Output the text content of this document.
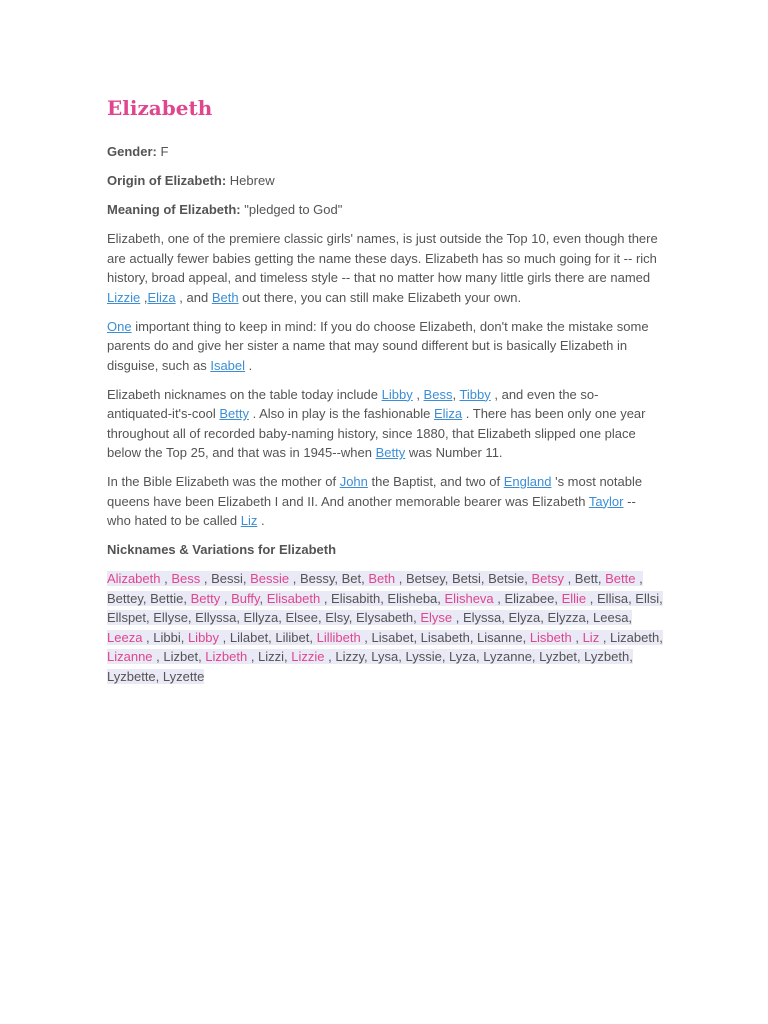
Elizabeth

Gender: F

Origin of Elizabeth: Hebrew

Meaning of Elizabeth: "pledged to God"

Elizabeth, one of the premiere classic girls' names, is just outside the Top 10, even though there are actually fewer babies getting the name these days. Elizabeth has so much going for it -- rich history, broad appeal, and timeless style -- that no matter how many little girls there are named Lizzie ,Eliza , and Beth out there, you can still make Elizabeth your own.

One important thing to keep in mind: If you do choose Elizabeth, don't make the mistake some parents do and give her sister a name that may sound different but is basically Elizabeth in disguise, such as Isabel .

Elizabeth nicknames on the table today include Libby , Bess, Tibby , and even the so-antiquated-it's-cool Betty . Also in play is the fashionable Eliza . There has been only one year throughout all of recorded baby-naming history, since 1880, that Elizabeth slipped one place below the Top 25, and that was in 1945--when Betty was Number 11.

In the Bible Elizabeth was the mother of John the Baptist, and two of England 's most notable queens have been Elizabeth I and II. And another memorable bearer was Elizabeth Taylor -- who hated to be called Liz .

Nicknames & Variations for Elizabeth

Alizabeth , Bess , Bessi, Bessie , Bessy, Bet, Beth , Betsey, Betsi, Betsie, Betsy , Bett, Bette , Bettey, Bettie, Betty , Buffy, Elisabeth , Elisabith, Elisheba, Elisheva , Elizabee, Ellie , Ellisa, Ellsi, Ellspet, Ellyse, Ellyssa, Ellyza, Elsee, Elsy, Elysabeth, Elyse , Elyssa, Elyza, Elyzza, Leesa, Leeza , Libbi, Libby , Lilabet, Lilibet, Lillibeth , Lisabet, Lisabeth, Lisanne, Lisbeth , Liz , Lizabeth, Lizanne , Lizbet, Lizbeth , Lizzi, Lizzie , Lizzy, Lysa, Lyssie, Lyza, Lyzanne, Lyzbet, Lyzbeth, Lyzbette, Lyzette
